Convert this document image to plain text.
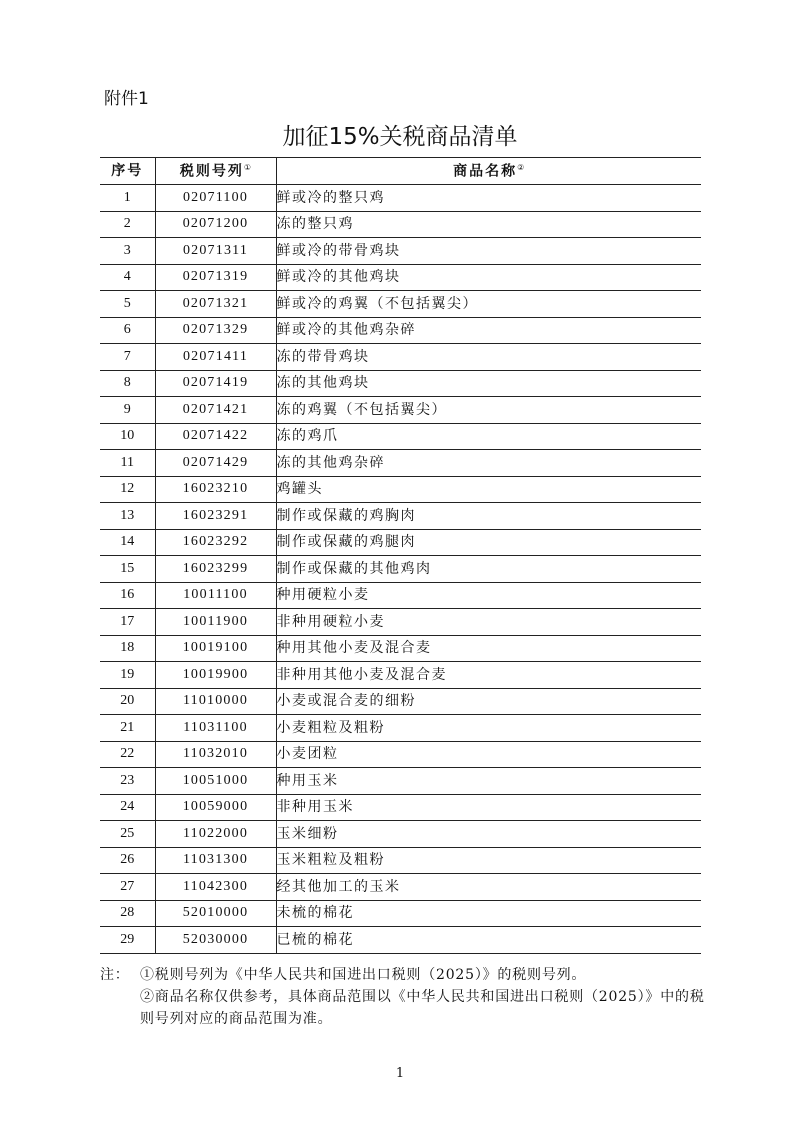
附件1
加征15%关税商品清单
序号	税则号列①	商品名称②
1	02071100	鲜或冷的整只鸡
2	02071200	冻的整只鸡
3	02071311	鲜或冷的带骨鸡块
4	02071319	鲜或冷的其他鸡块
5	02071321	鲜或冷的鸡翼（不包括翼尖）
6	02071329	鲜或冷的其他鸡杂碎
7	02071411	冻的带骨鸡块
8	02071419	冻的其他鸡块
9	02071421	冻的鸡翼（不包括翼尖）
10	02071422	冻的鸡爪
11	02071429	冻的其他鸡杂碎
12	16023210	鸡罐头
13	16023291	制作或保藏的鸡胸肉
14	16023292	制作或保藏的鸡腿肉
15	16023299	制作或保藏的其他鸡肉
16	10011100	种用硬粒小麦
17	10011900	非种用硬粒小麦
18	10019100	种用其他小麦及混合麦
19	10019900	非种用其他小麦及混合麦
20	11010000	小麦或混合麦的细粉
21	11031100	小麦粗粒及粗粉
22	11032010	小麦团粒
23	10051000	种用玉米
24	10059000	非种用玉米
25	11022000	玉米细粉
26	11031300	玉米粗粒及粗粉
27	11042300	经其他加工的玉米
28	52010000	未梳的棉花
29	52030000	已梳的棉花
注： ①税则号列为《中华人民共和国进出口税则（2025）》的税则号列。
②商品名称仅供参考，具体商品范围以《中华人民共和国进出口税则（2025）》中的税则号列对应的商品范围为准。
1
